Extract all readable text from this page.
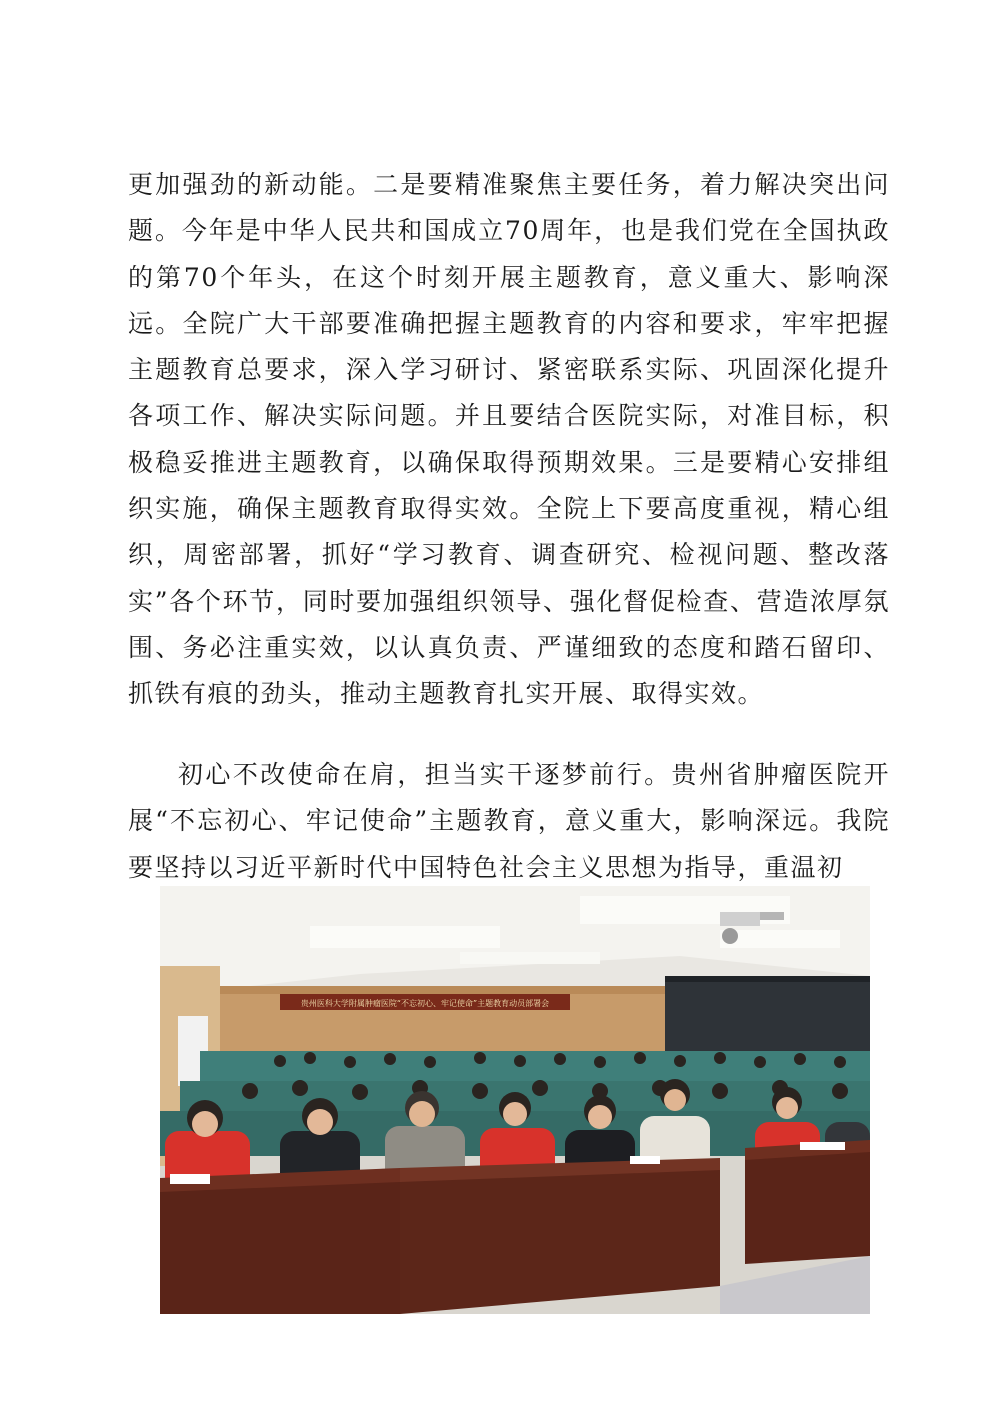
更加强劲的新动能。二是要精准聚焦主要任务，着力解决突出问题。今年是中华人民共和国成立70周年，也是我们党在全国执政的第70个年头，在这个时刻开展主题教育，意义重大、影响深远。全院广大干部要准确把握主题教育的内容和要求，牢牢把握主题教育总要求，深入学习研讨、紧密联系实际、巩固深化提升各项工作、解决实际问题。并且要结合医院实际，对准目标，积极稳妥推进主题教育，以确保取得预期效果。三是要精心安排组织实施，确保主题教育取得实效。全院上下要高度重视，精心组织，周密部署，抓好“学习教育、调查研究、检视问题、整改落实”各个环节，同时要加强组织领导、强化督促检查、营造浓厚氛围、务必注重实效，以认真负责、严谨细致的态度和踏石留印、抓铁有痕的劲头，推动主题教育扎实开展、取得实效。

初心不改使命在肩，担当实干逐梦前行。贵州省肿瘤医院开展“不忘初心、牢记使命”主题教育，意义重大，影响深远。我院要坚持以习近平新时代中国特色社会主义思想为指导，重温初

贵州医科大学附属肿瘤医院“不忘初心、牢记使命”主题教育动员部署会
